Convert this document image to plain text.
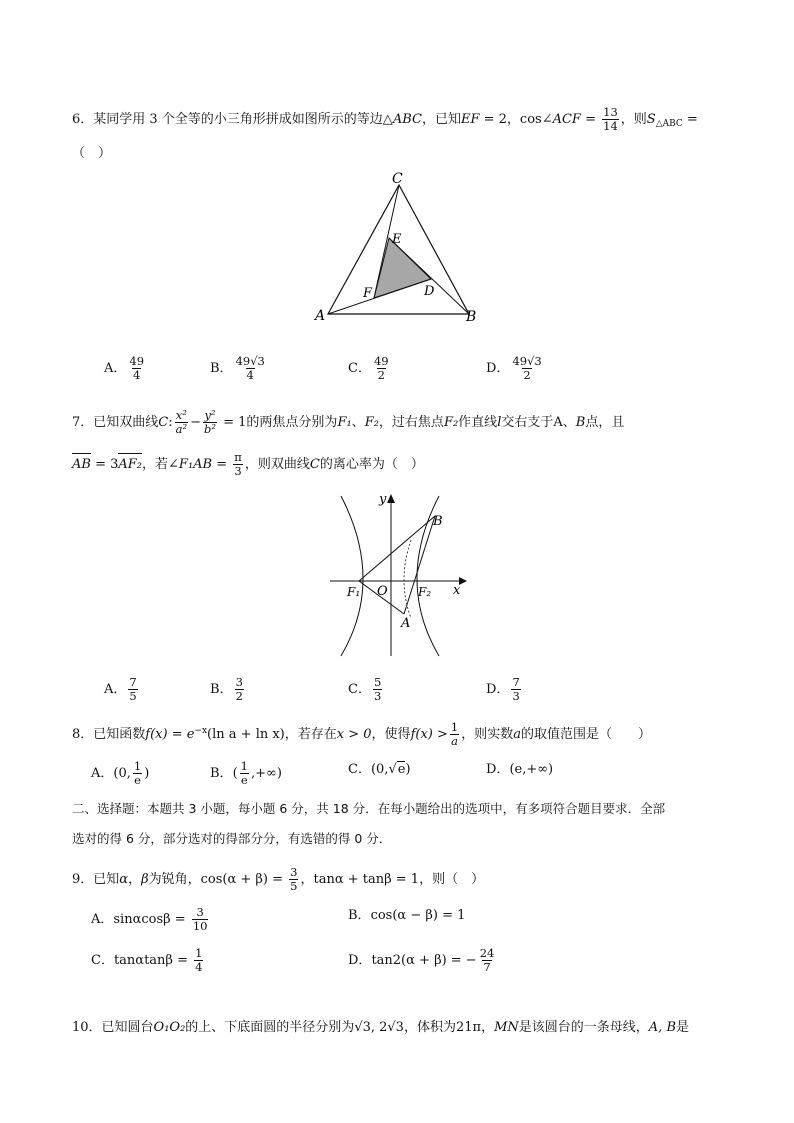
6．某同学用 3 个全等的小三角形拼成如图所示的等边△ABC，已知EF = 2，cos∠ACF = $\frac{13}{14}$ ，则$S_{\triangle ABC}$ =
（　）
C
A	B
E
F	D
A． $\frac{49}{4}$	B． $\frac{49√3}{4}$	C． $\frac{49}{2}$	D． $\frac{49√3}{2}$
7．已知双曲线C: $\frac{\text{x²}}{\text{a²}} - \frac{\text{y²}}{\text{b²}} = 1$的两焦点分别为F₁、F₂，过右焦点F₂作直线l交右支于A、B点，且
AB = 3AF₂，若∠F₁AB = $\frac{\pi}{3}$ ，则双曲线C的离心率为（　）
y
x
B
A
O
F₁	F₂
A． $\frac{7}{5}$	B． $\frac{3}{2}$	C． $\frac{5}{3}$	D． $\frac{7}{3}$
8．已知函数$f(x) = e^{-x}(\ln$ a + ln x)，若存在x > 0，使得$f(x) > \frac{1}{a}$ ，则实数a的取值范围是（　　）
A．(0, $\frac{1}{e}$ )	B．( $\frac{1}{e}$ ,+∞)	C．(0,√e)	D．(e,+∞)
二、选择题：本题共 3 小题，每小题 6 分，共 18 分．在每小题给出的选项中，有多项符合题目要求．全部
选对的得 6 分，部分选对的得部分分，有选错的得 0 分．
9．已知α，β为锐角，$\cos(\alpha + \beta) = \frac{3}{5}$ ，tanα + tanβ = 1，则（　）
A．$\sin\alpha\cos\beta = \frac{3}{10}$	B．cos(α − β) = 1
C．$\tan\alpha\tan\beta = \frac{1}{4}$	D．tan2(α + β) = − $\frac{24}{7}$
10．已知圆台O₁O₂的上、下底面圆的半径分别为√3, 2√3，体积为21π，MN是该圆台的一条母线，A, B是
